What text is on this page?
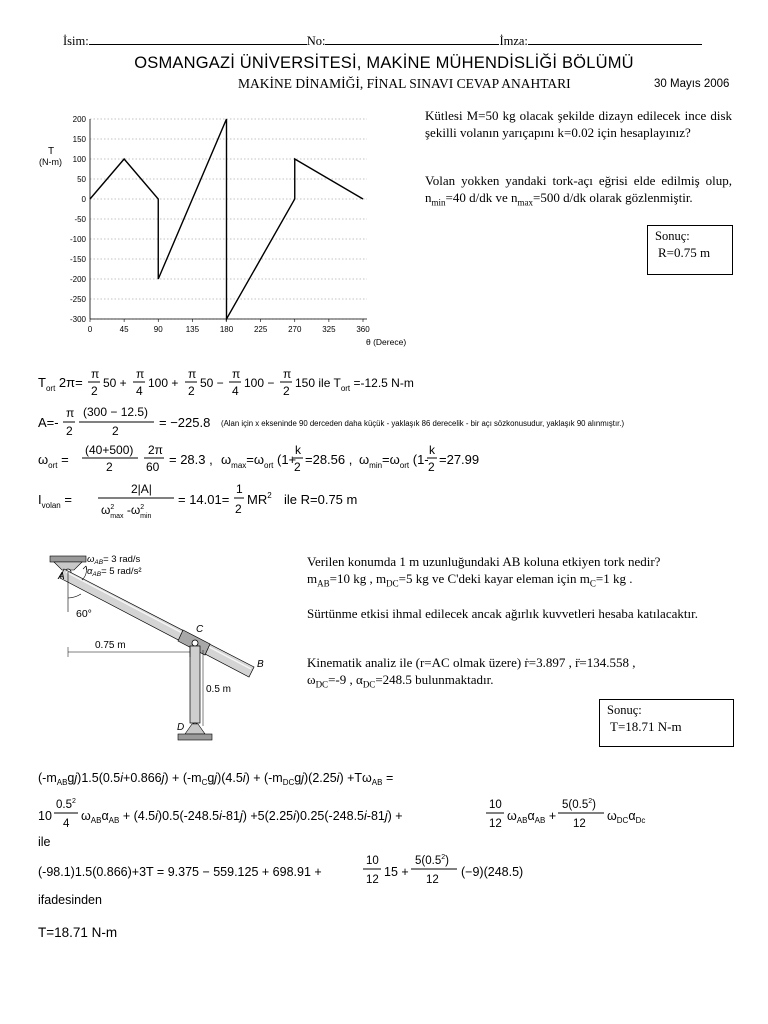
İsim:	No:	İmza:
OSMANGAZİ ÜNİVERSİTESİ, MAKİNE MÜHENDİSLİĞİ BÖLÜMÜ
MAKİNE DİNAMİĞİ, FİNAL SINAVI CEVAP ANAHTARI	30 Mayıs 2006
T
(N-m)
θ (Derece)
200
150
100
50
0
-50
-100
-150
-200
-250
-300
0	45	90	135	180	225	270	325	360
Kütlesi M=50 kg olacak şekilde dizayn edilecek ince disk şekilli volanın yarıçapını k=0.02 için hesaplayınız?
Volan yokken yandaki tork-açı eğrisi elde edilmiş olup, $n_{min}=40$ d/dk ve $n_{max}=500$ d/dk olarak gözlenmiştir.
Sonuç:
R=0.75 m
$T_{ort}$ 2π=
π
2
50 +
π
4
100 +
π
2
50 −
π
4
100 −
π
2
150 ile $T_{ort} =-12.5$ N-m
A=-
π
2
(300 − 12.5)
2
= −225.8 (Alan için x ekseninde 90 derceden daha küçük - yaklaşık 86 derecelik - bir açı sözkonusudur, yaklaşık 90 alınmıştır.)
$\omega_{ort}$ =
(40+500)
2
2π
60 = 28.3 , $\omega_{max}=\omega_{ort}$ (1+
k
2 =28.56 , $\omega_{min}=\omega_{ort}$ (1-
k
2 =27.99
$I_{volan}$ =
2|A|
$\omega^2$ $\max -\omega^2$ min
= 14.01=
1
2
$MR^2$ ile R=0.75 m
60°
$\omega_{AB}= 3$ rad/s
$\alpha_{AB}= 5$ rad/s²
A
B
C
D
0.75 m
0.5 m
Verilen konumda 1 m uzunluğundaki AB koluna etkiyen tork nedir?
$m_{AB}=10$ kg , $m_{DC}=5$ kg ve C'deki kayar eleman için $m_C=1$ kg .
Sürtünme etkisi ihmal edilecek ancak ağırlık kuvvetleri hesaba katılacaktır.
Kinematik analiz ile (r=AC olmak üzere) ṙ=3.897 , r̈=134.558 ,
$\omega_{DC}=-9$ , $\alpha_{DC}=248.5$ bulunmaktadır.
Sonuç:
T=18.71 N-m
$(-m_{AB}gj)1.5(0.5i+0.866j) + (-m_Cgj)(4.5i) + (-m_{DC}gj)(2.25i) +T\omega_{AB}$ =
10
$0.5^2$
4
$\omega_{AB}\alpha_{AB} + (4.5i)0.5(-248.5i-81j) +5(2.25i)0.25(-248.5i-81j)$ +
10
12
$\omega_{AB}\alpha_{AB}$ +
$5(0.5^2)$
12
$\omega_{DC}\alpha_{Dc}$
ile
(-98.1)1.5(0.866)+3T = 9.375 − 559.125 + 698.91 +
10
12
15 +
$5(0.5^2)$
12
(−9)(248.5)
ifadesinden
T=18.71 N-m
